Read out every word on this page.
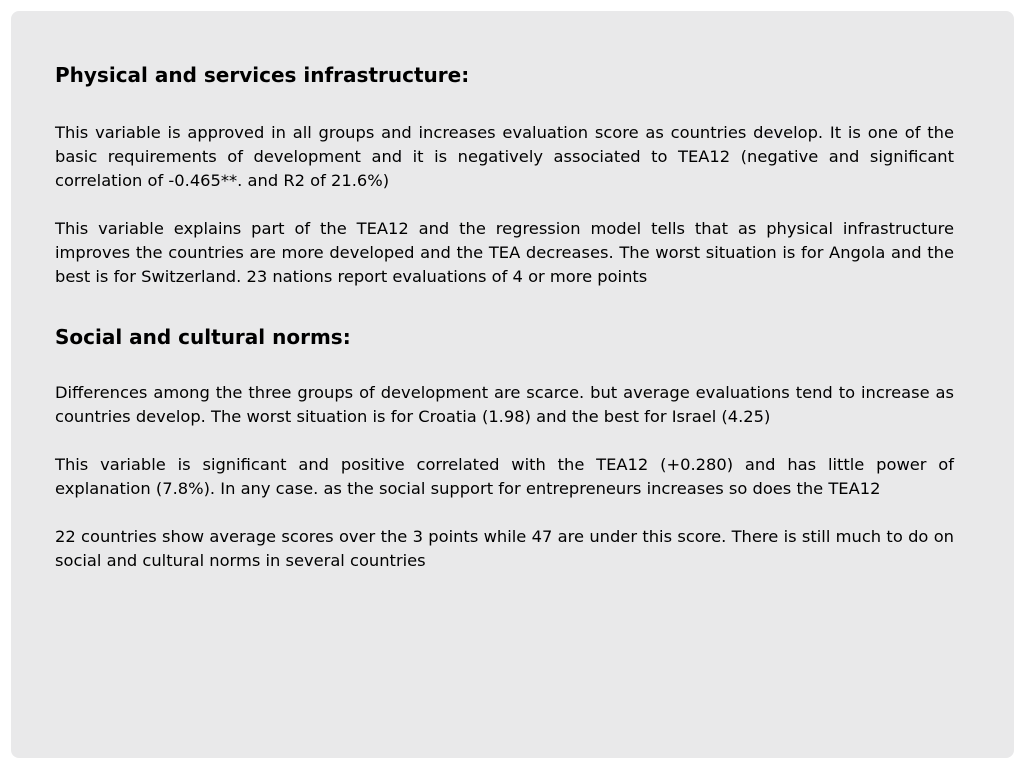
Physical and services infrastructure:

This variable is approved in all groups and increases evaluation score as countries develop. It is one of the basic requirements of development and it is negatively associated to TEA12 (negative and significant correlation of -0.465**. and R2 of 21.6%)

This variable explains part of the TEA12 and the regression model tells that as physical infrastructure improves the countries are more developed and the TEA decreases. The worst situation is for Angola and the best is for Switzerland. 23 nations report evaluations of 4 or more points

Social and cultural norms:

Differences among the three groups of development are scarce. but average evaluations tend to increase as countries develop. The worst situation is for Croatia (1.98) and the best for Israel (4.25)

This variable is significant and positive correlated with the TEA12 (+0.280) and has little power of explanation (7.8%). In any case. as the social support for entrepreneurs increases so does the TEA12

22 countries show average scores over the 3 points while 47 are under this score. There is still much to do on social and cultural norms in several countries
